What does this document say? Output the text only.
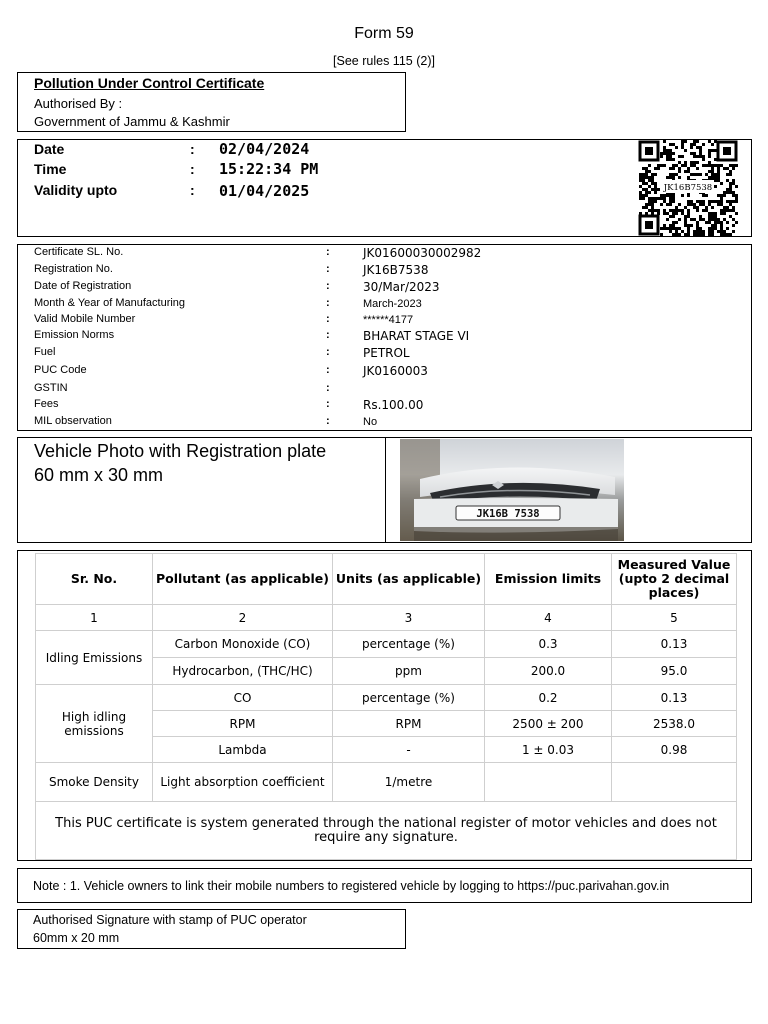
Form 59
[See rules 115 (2)]
Pollution Under Control Certificate
Authorised By :
Government of Jammu & Kashmir
Date	: 02/04/2024
Time	: 15:22:34 PM
Validity upto	: 01/04/2025	JK16B7538
Certificate SL. No.	:	JK01600030002982
Registration No.	:	JK16B7538
Date of Registration	:	30/Mar/2023
Month & Year of Manufacturing	:	March-2023
Valid Mobile Number	:	******4177
Emission Norms	:	BHARAT STAGE VI
Fuel	:	PETROL
PUC Code	:	JK0160003
GSTIN	:
Fees	:	Rs.100.00
MIL observation	:	No
Vehicle Photo with Registration plate
60 mm x 30 mm
JK16B 7538
Sr. No.	Pollutant (as applicable)	Units (as applicable)	Emission limits	Measured Value (upto 2 decimal places)
1	2	3	4	5
Idling Emissions	Carbon Monoxide (CO)	percentage (%)	0.3	0.13
	Hydrocarbon, (THC/HC)	ppm	200.0	95.0
High idling emissions	CO	percentage (%)	0.2	0.13
	RPM	RPM	2500 ± 200	2538.0
	Lambda	-	1 ± 0.03	0.98
Smoke Density	Light absorption coefficient	1/metre		
This PUC certificate is system generated through the national register of motor vehicles and does not require any signature.				
Note : 1. Vehicle owners to link their mobile numbers to registered vehicle by logging to https://puc.parivahan.gov.in
Authorised Signature with stamp of PUC operator
60mm x 20 mm
